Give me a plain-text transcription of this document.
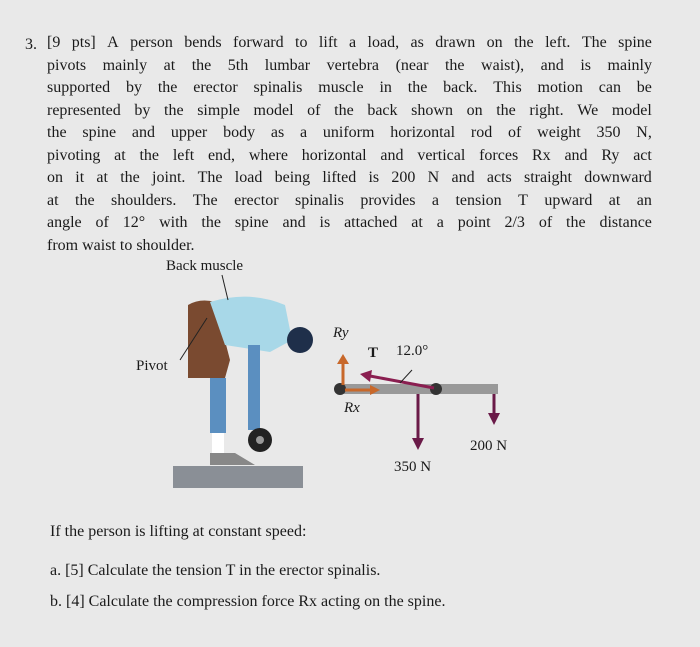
3. [9 pts] A person bends forward to lift a load, as drawn on the left. The spine
pivots mainly at the 5th lumbar vertebra (near the waist), and is mainly
supported by the erector spinalis muscle in the back. This motion can be
represented by the simple model of the back shown on the right. We model
the spine and upper body as a uniform horizontal rod of weight 350 N,
pivoting at the left end, where horizontal and vertical forces Rx and Ry act
on it at the joint. The load being lifted is 200 N and acts straight downward
at the shoulders. The erector spinalis provides a tension T upward at an
angle of 12° with the spine and is attached at a point 2/3 of the distance
from waist to shoulder.
Back muscle
Pivot
Ry
T 12.0°
Rx
200 N
350 N
If the person is lifting at constant speed:
a. [5] Calculate the tension T in the erector spinalis.
b. [4] Calculate the compression force Rx acting on the spine.
